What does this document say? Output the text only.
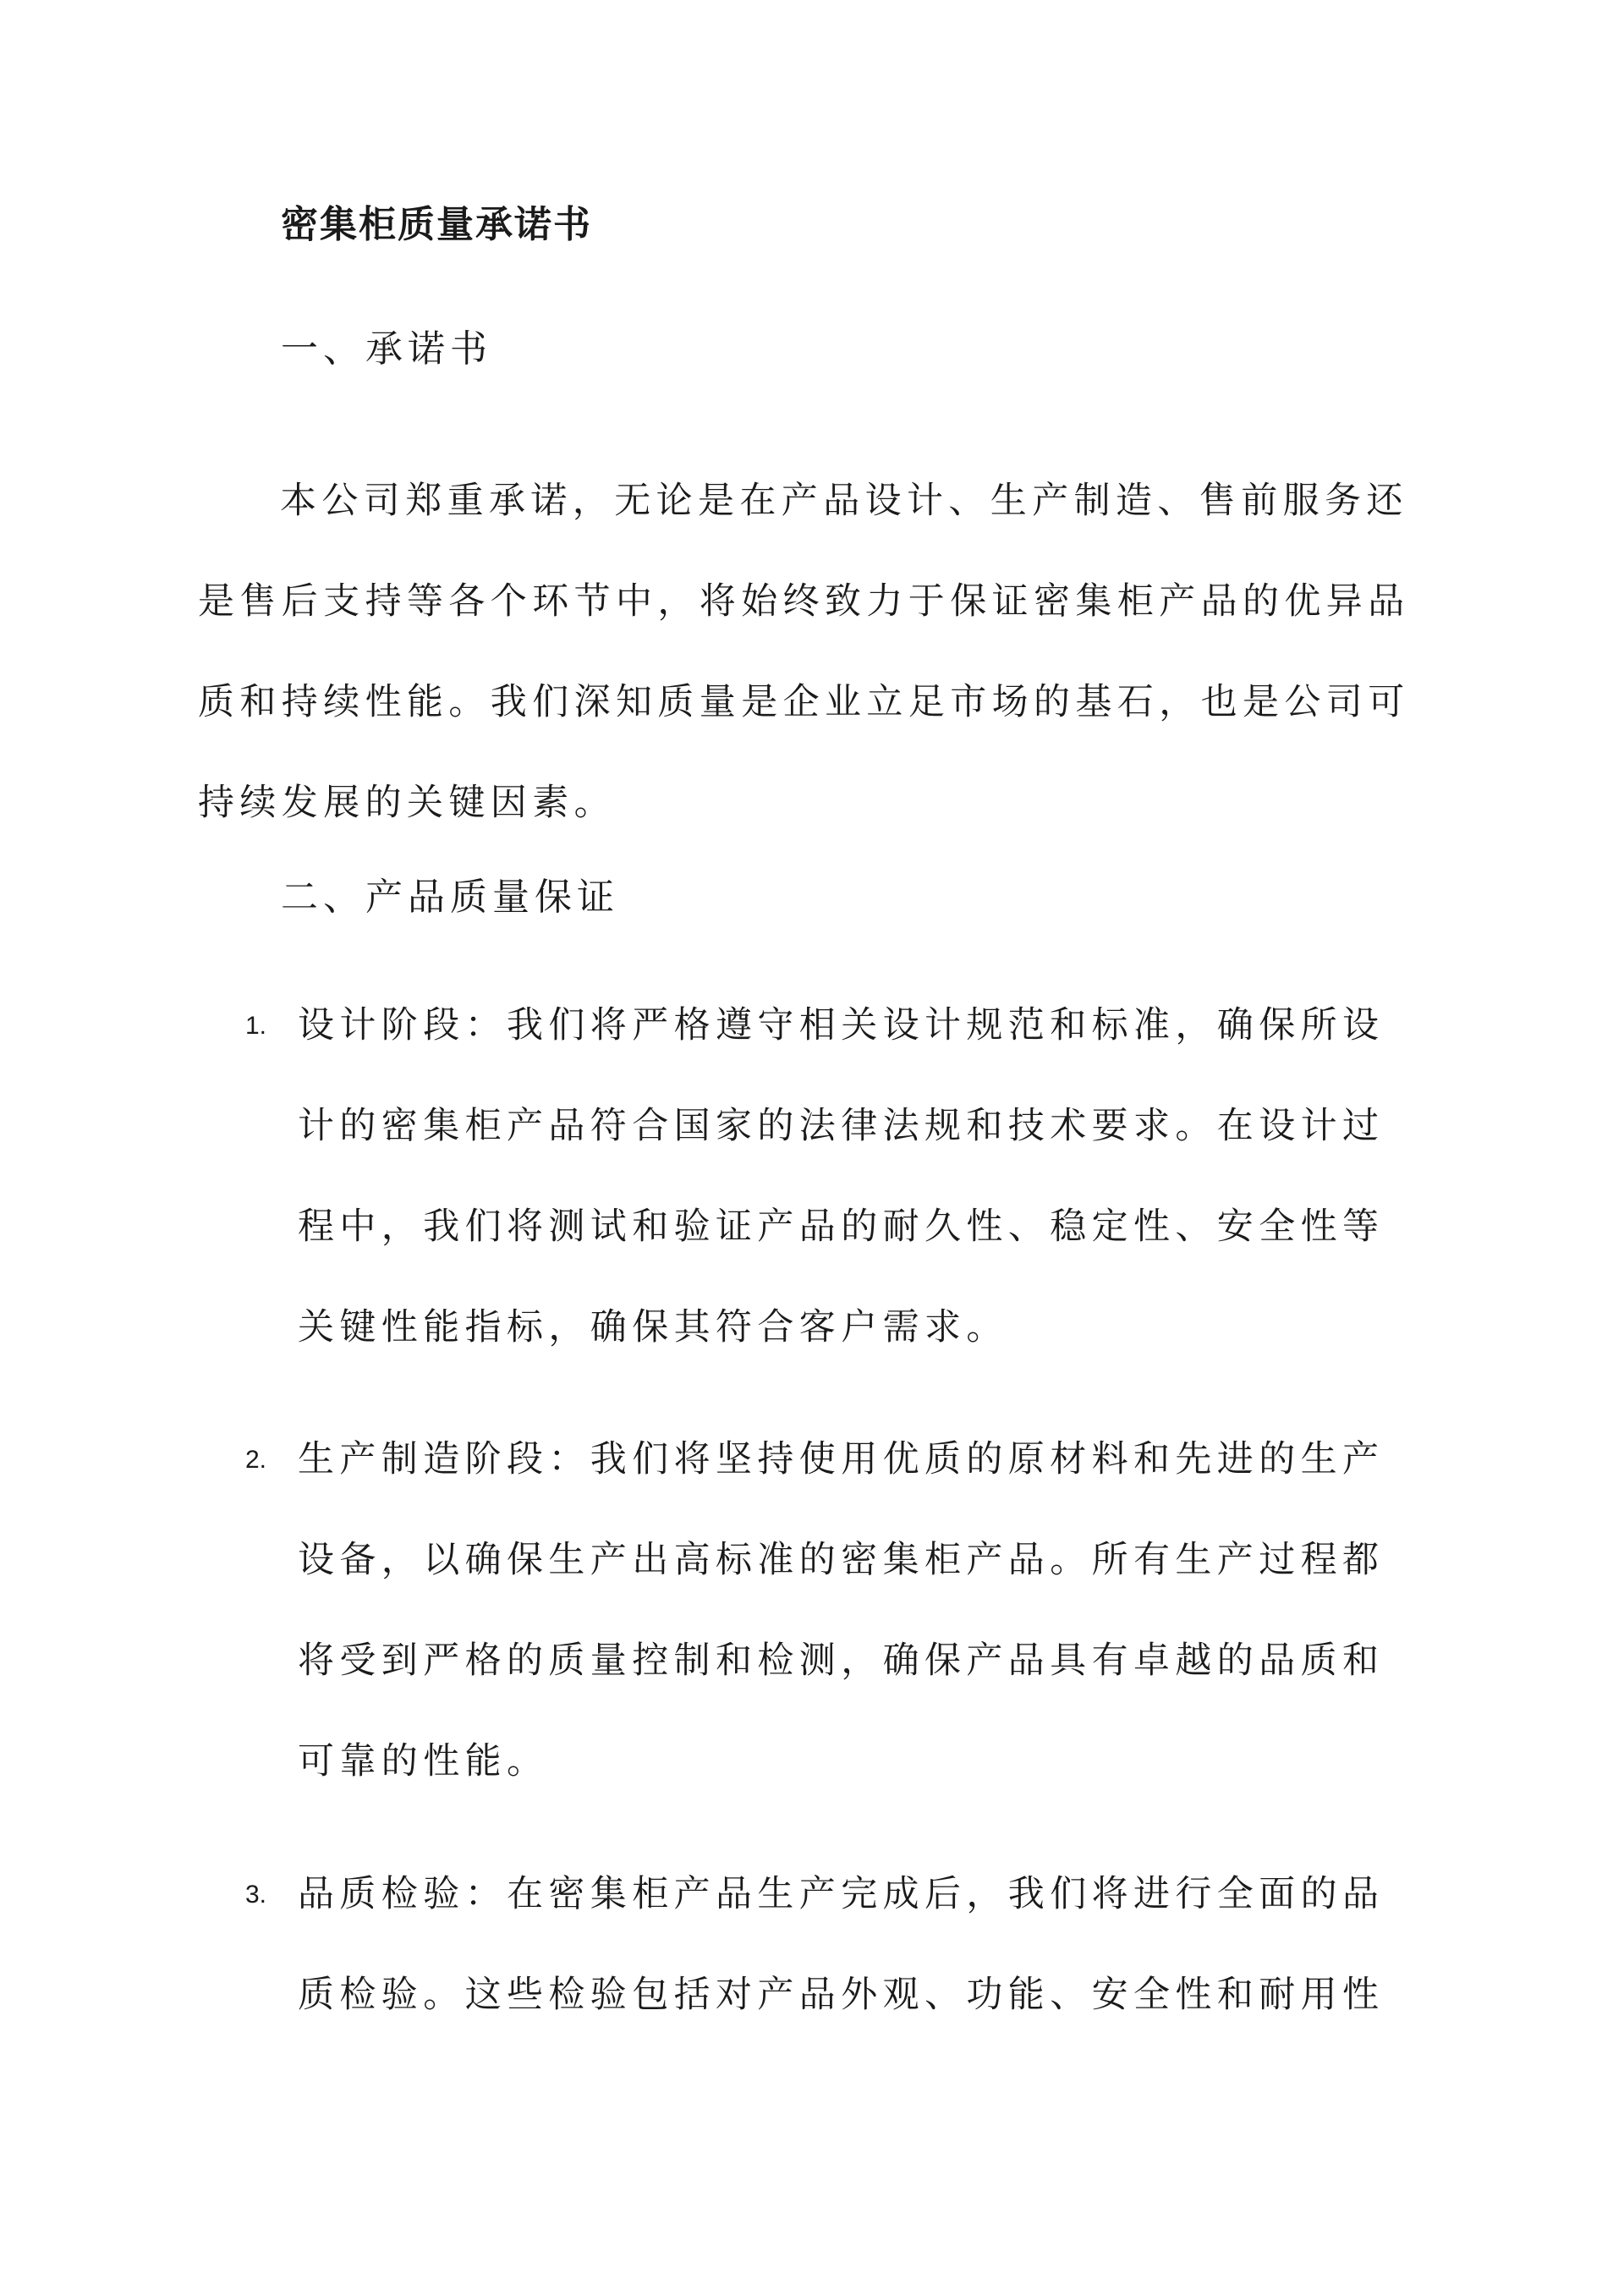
密集柜质量承诺书
一、承诺书

本公司郑重承诺，无论是在产品设计、生产制造、售前服务还是售后支持等各个环节中，将始终致力于保证密集柜产品的优异品质和持续性能。我们深知质量是企业立足市场的基石，也是公司可持续发展的关键因素。

二、产品质量保证
1. 设计阶段：我们将严格遵守相关设计规范和标准，确保所设计的密集柜产品符合国家的法律法规和技术要求。在设计过程中，我们将测试和验证产品的耐久性、稳定性、安全性等关键性能指标，确保其符合客户需求。

2. 生产制造阶段：我们将坚持使用优质的原材料和先进的生产设备，以确保生产出高标准的密集柜产品。所有生产过程都将受到严格的质量控制和检测，确保产品具有卓越的品质和可靠的性能。

3. 品质检验：在密集柜产品生产完成后，我们将进行全面的品质检验。这些检验包括对产品外观、功能、安全性和耐用性
